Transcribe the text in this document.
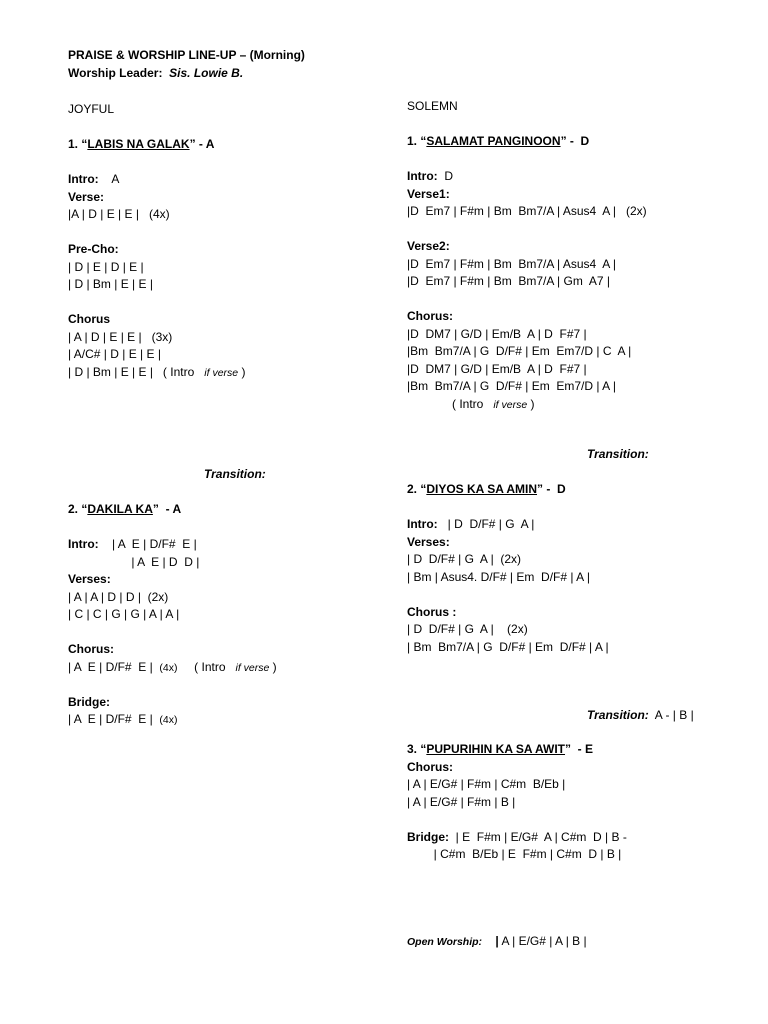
PRAISE & WORSHIP LINE-UP – (Morning)
Worship Leader: Sis. Lowie B.
JOYFUL
1. “LABIS NA GALAK” - A
Intro:    A
Verse:
|A | D | E | E |   (4x)
Pre-Cho:
| D | E | D | E |
| D | Bm | E | E |
Chorus
| A | D | E | E |   (3x)
| A/C# | D | E | E |
| D | Bm | E | E |   ( Intro   if verse )
Transition:
2. “DAKILA KA”  - A
Intro:    | A  E | D/F#  E |
| A  E | D  D |
Verses:
| A | A | D | D |  (2x)
| C | C | G | G | A | A |
Chorus:
| A  E | D/F#  E |  (4x)     ( Intro   if verse )
Bridge:
| A  E | D/F#  E |  (4x)
SOLEMN
1. “SALAMAT PANGINOON” -  D
Intro:  D
Verse1:
|D  Em7 | F#m | Bm  Bm7/A | Asus4  A |   (2x)
Verse2:
|D  Em7 | F#m | Bm  Bm7/A | Asus4  A |
|D  Em7 | F#m | Bm  Bm7/A | Gm  A7 |
Chorus:
|D  DM7 | G/D | Em/B  A | D  F#7 |
|Bm  Bm7/A | G  D/F# | Em  Em7/D | C  A |
|D  DM7 | G/D | Em/B  A | D  F#7 |
|Bm  Bm7/A | G  D/F# | Em  Em7/D | A |
( Intro   if verse )
Transition:
2. “DIYOS KA SA AMIN” -  D
Intro:   | D  D/F# | G  A |
Verses:
| D  D/F# | G  A |  (2x)
| Bm | Asus4. D/F# | Em  D/F# | A |
Chorus :
| D  D/F# | G  A |    (2x)
| Bm  Bm7/A | G  D/F# | Em  D/F# | A |
Transition:  A - | B |
3. “PUPURIHIN KA SA AWIT”  - E
Chorus:
| A | E/G# | F#m | C#m  B/Eb |
| A | E/G# | F#m | B |
Bridge:  | E  F#m | E/G#  A | C#m  D | B -
| C#m  B/Eb | E  F#m | C#m  D | B |
Open Worship:    | A | E/G# | A | B |
